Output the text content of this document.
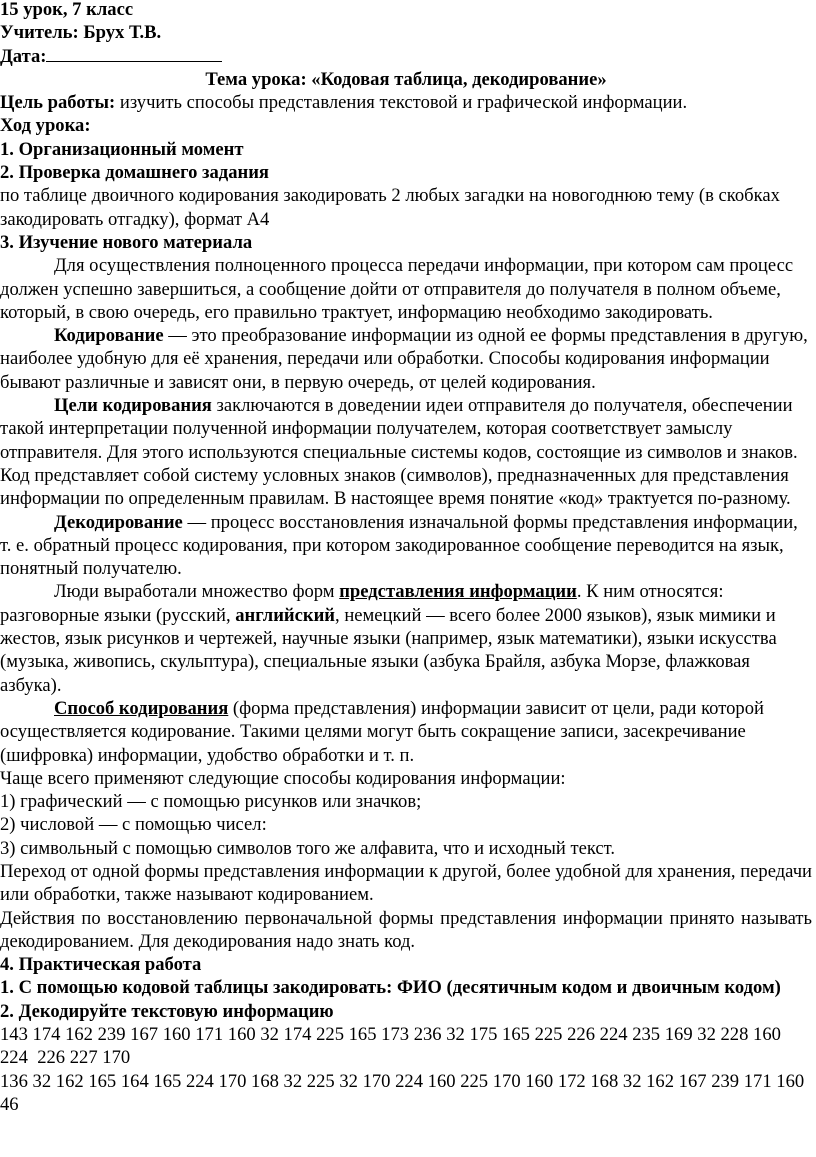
15 урок, 7 класс

Учитель: Брух Т.В.

Дата:

Тема урока: «Кодовая таблица, декодирование»

Цель работы: изучить способы представления текстовой и графической информации.

Ход урока:

1. Организационный момент

2. Проверка домашнего задания

по таблице двоичного кодирования закодировать 2 любых загадки на новогоднюю тему (в скобках закодировать отгадку), формат А4

3. Изучение нового материала

Для осуществления полноценного процесса передачи информации, при котором сам процесс должен успешно завершиться, а сообщение дойти от отправителя до получателя в полном объеме, который, в свою очередь, его правильно трактует, информацию необходимо закодировать.

Кодирование — это преобразование информации из одной ее формы представления в другую, наиболее удобную для её хранения, передачи или обработки. Способы кодирования информации бывают различные и зависят они, в первую очередь, от целей кодирования.

Цели кодирования заключаются в доведении идеи отправителя до получателя, обеспечении такой интерпретации полученной информации получателем, которая соответствует замыслу отправителя. Для этого используются специальные системы кодов, состоящие из символов и знаков. Код представляет собой систему условных знаков (символов), предназначенных для представления информации по определенным правилам. В настоящее время понятие «код» трактуется по-разному.

Декодирование — процесс восстановления изначальной формы представления информации, т. е. обратный процесс кодирования, при котором закодированное сообщение переводится на язык, понятный получателю.

Люди выработали множество форм представления информации. К ним относятся: разговорные языки (русский, английский, немецкий — всего более 2000 языков), язык мимики и жестов, язык рисунков и чертежей, научные языки (например, язык математики), языки искусства (музыка, живопись, скульптура), специальные языки (азбука Брайля, азбука Морзе, флажковая азбука).

Способ кодирования (форма представления) информации зависит от цели, ради которой осуществляется кодирование. Такими целями могут быть сокращение записи, засекречивание (шифровка) информации, удобство обработки и т. п.

Чаще всего применяют следующие способы кодирования информации:

1) графический — с помощью рисунков или значков;

2) числовой — с помощью чисел:

3) символьный с помощью символов того же алфавита, что и исходный текст.

Переход от одной формы представления информации к другой, более удобной для хранения, передачи или обработки, также называют кодированием.

Действия по восстановлению первоначальной формы представления информации принято называть декодированием. Для декодирования надо знать код.

4. Практическая работа

1. С помощью кодовой таблицы закодировать: ФИО (десятичным кодом и двоичным кодом)

2. Декодируйте текстовую информацию

143 174 162 239 167 160 171 160 32 174 225 165 173 236 32 175 165 225 226 224 235 169 32 228 160 224  226 227 170

136 32 162 165 164 165 224 170 168 32 225 32 170 224 160 225 170 160 172 168 32 162 167 239 171 160 46
